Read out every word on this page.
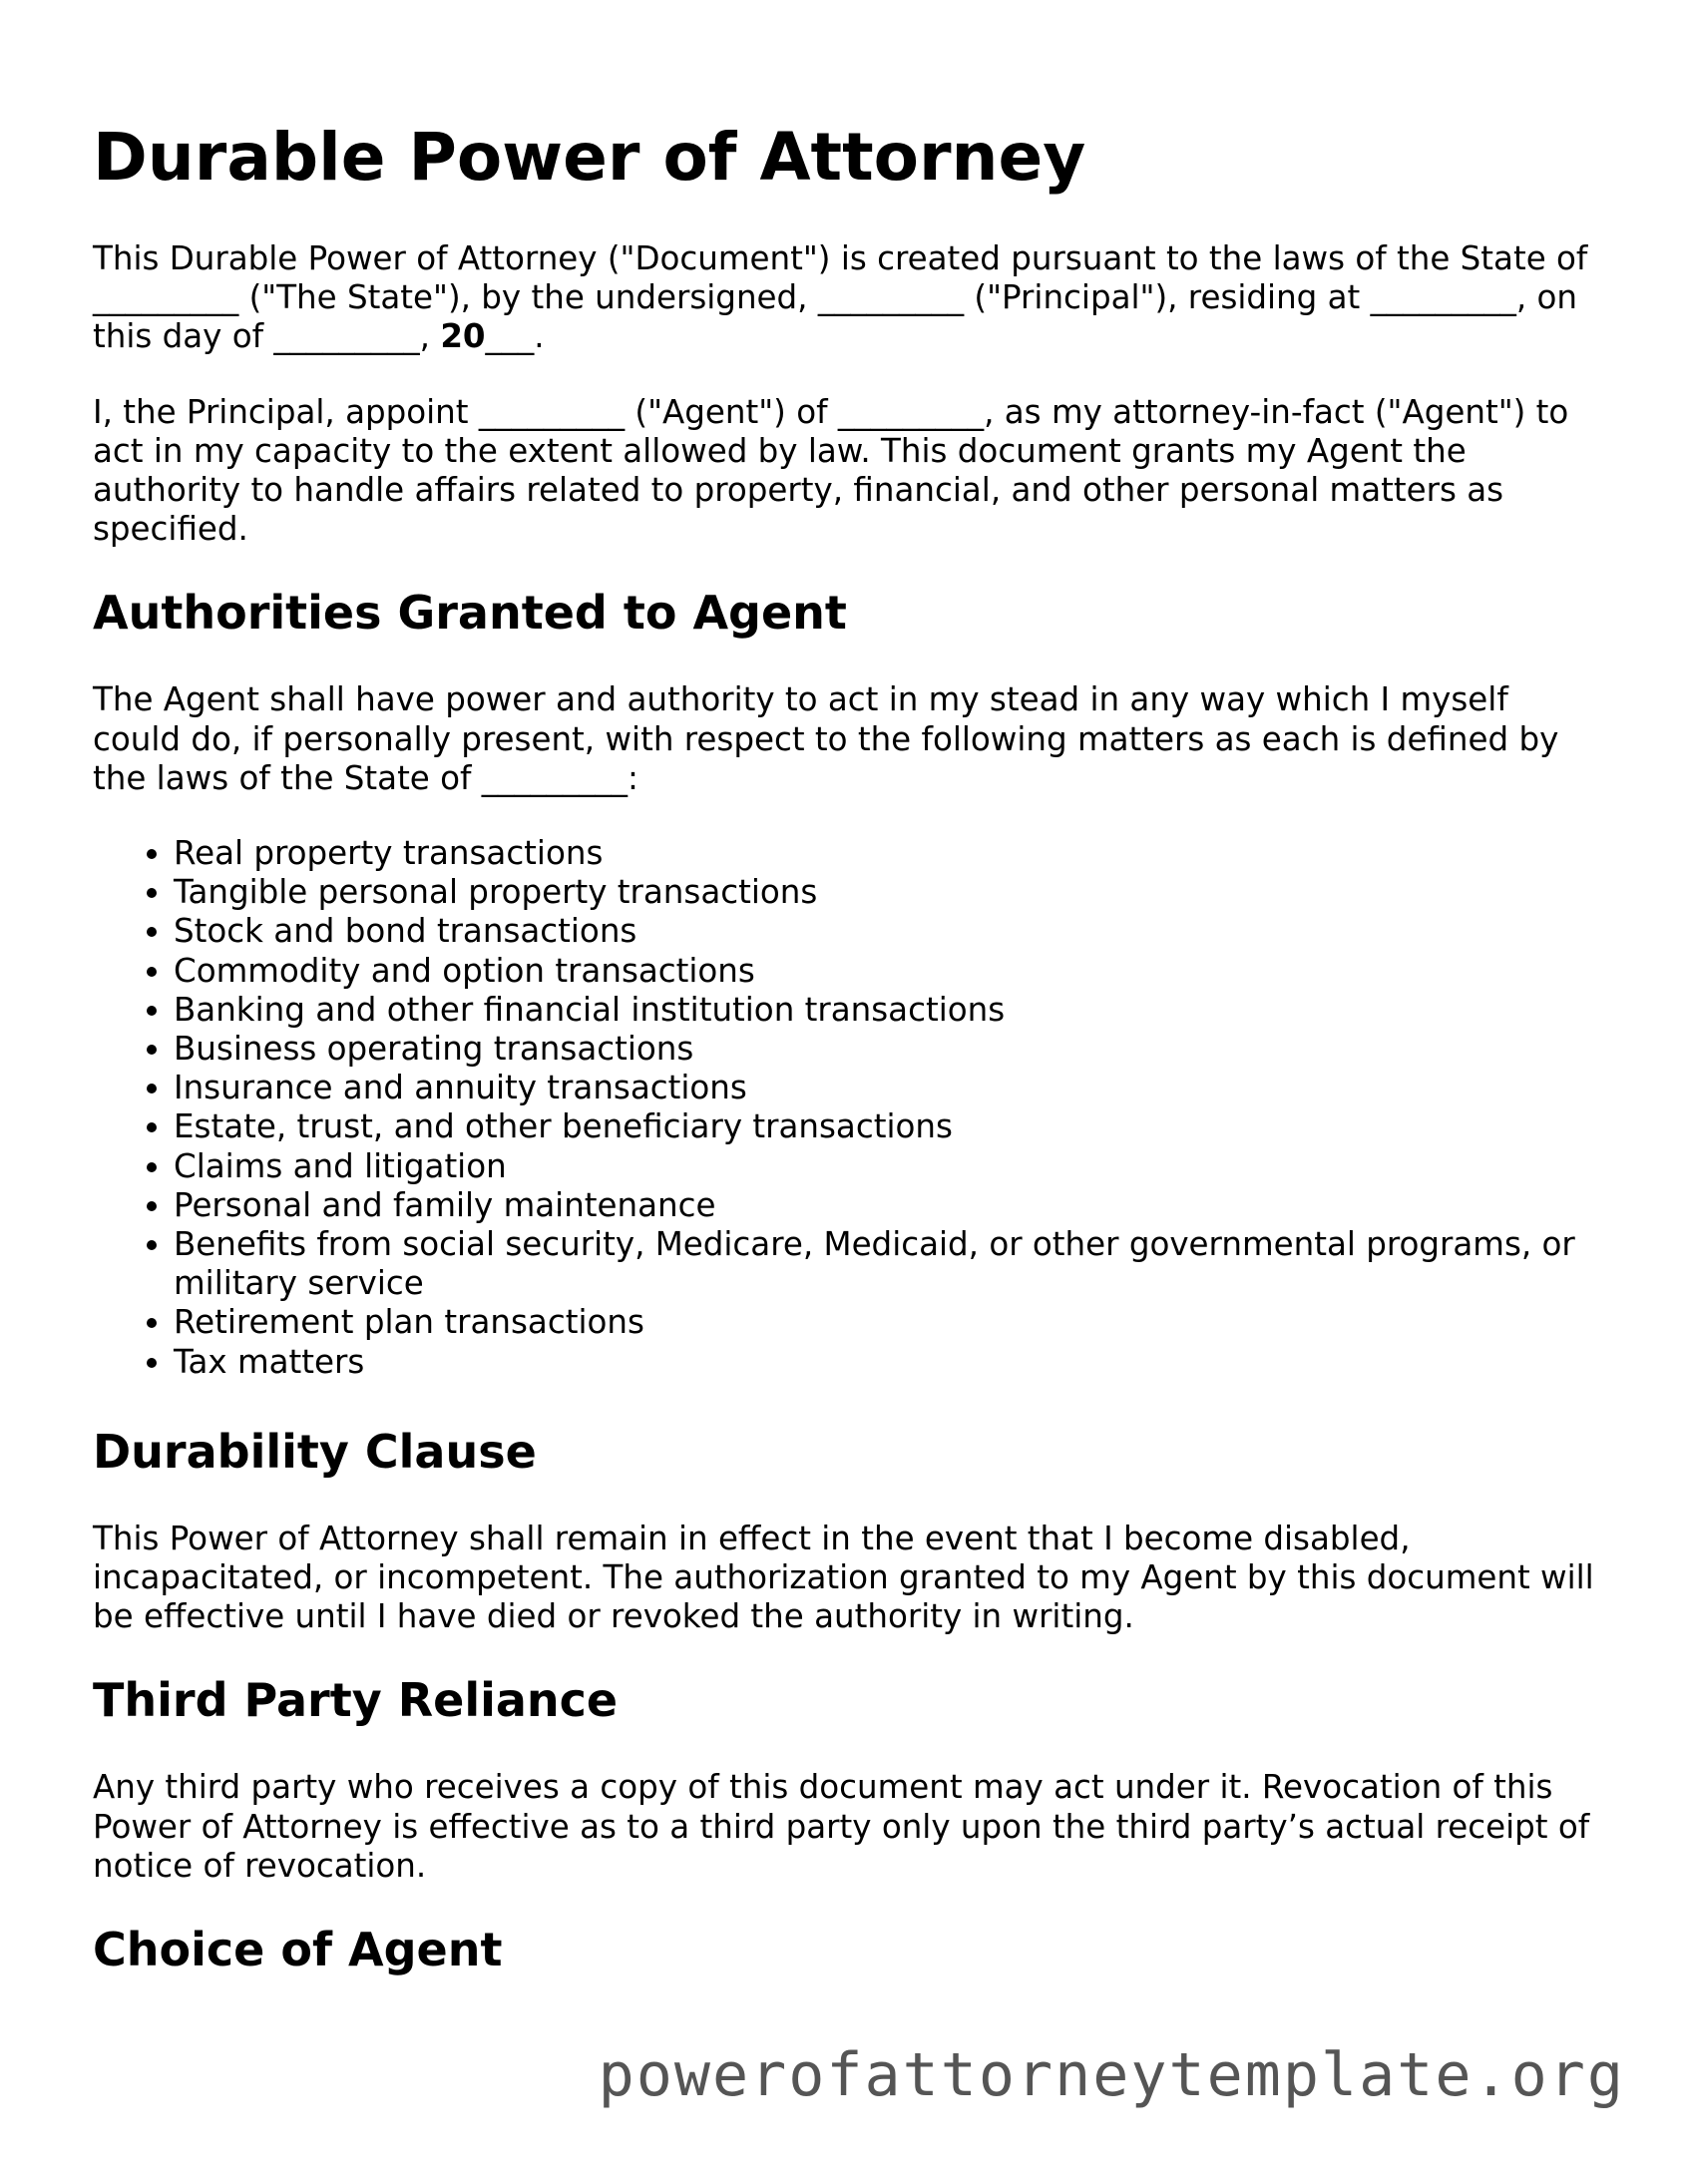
Durable Power of Attorney

This Durable Power of Attorney ("Document") is created pursuant to the laws of the State of _________ ("The State"), by the undersigned, _________ ("Principal"), residing at _________, on this day of _________, 20___.

I, the Principal, appoint _________ ("Agent") of _________, as my attorney-in-fact ("Agent") to act in my capacity to the extent allowed by law. This document grants my Agent the authority to handle affairs related to property, financial, and other personal matters as specified.

Authorities Granted to Agent

The Agent shall have power and authority to act in my stead in any way which I myself could do, if personally present, with respect to the following matters as each is defined by the laws of the State of _________:

• Real property transactions
• Tangible personal property transactions
• Stock and bond transactions
• Commodity and option transactions
• Banking and other financial institution transactions
• Business operating transactions
• Insurance and annuity transactions
• Estate, trust, and other beneficiary transactions
• Claims and litigation
• Personal and family maintenance
• Benefits from social security, Medicare, Medicaid, or other governmental programs, or military service
• Retirement plan transactions
• Tax matters
Durability Clause

This Power of Attorney shall remain in effect in the event that I become disabled, incapacitated, or incompetent. The authorization granted to my Agent by this document will be effective until I have died or revoked the authority in writing.

Third Party Reliance

Any third party who receives a copy of this document may act under it. Revocation of this Power of Attorney is effective as to a third party only upon the third party’s actual receipt of notice of revocation.

Choice of Agent
powerofattorneytemplate.org
